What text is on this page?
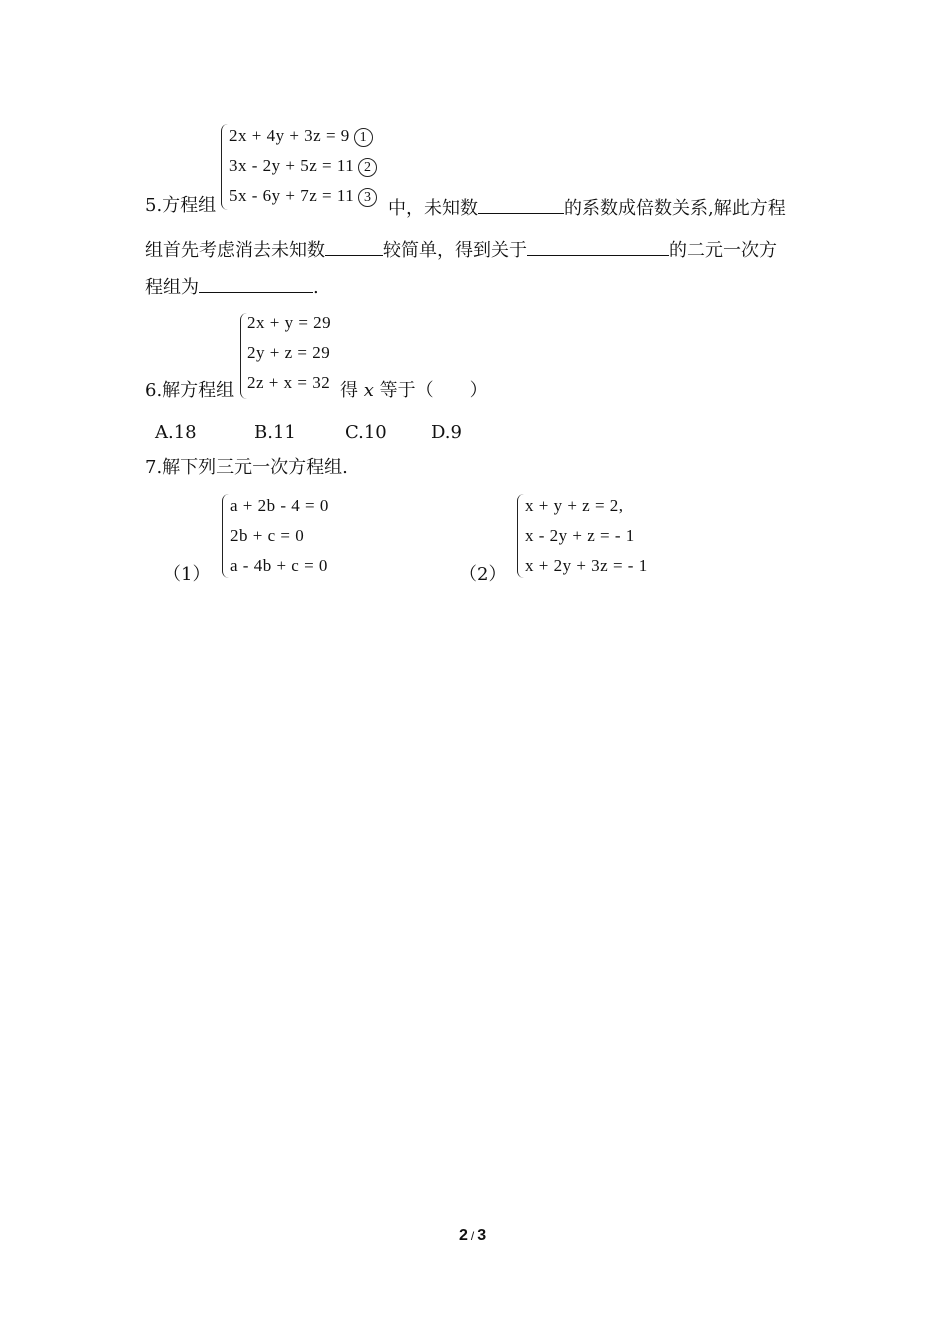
2x + 4y + 3z = 9 1
3x - 2y + 5z = 11 2
5x - 6y + 7z = 11 3
5.方程组	中，未知数	的系数成倍数关系,解此方程
组首先考虑消去未知数	较简单，得到关于	的二元一次方
程组为	.
2x + y = 29
2y + z = 29
2z + x = 32
6.解方程组	得 x 等于（　　）
A.18	B.11	C.10 D.9
7.解下列三元一次方程组.
（1）
a + 2b - 4 = 0
2b + c = 0
a - 4b + c = 0	（2）
x + y + z = 2,
x - 2y + z = - 1
x + 2y + 3z = - 1
2 / 3
